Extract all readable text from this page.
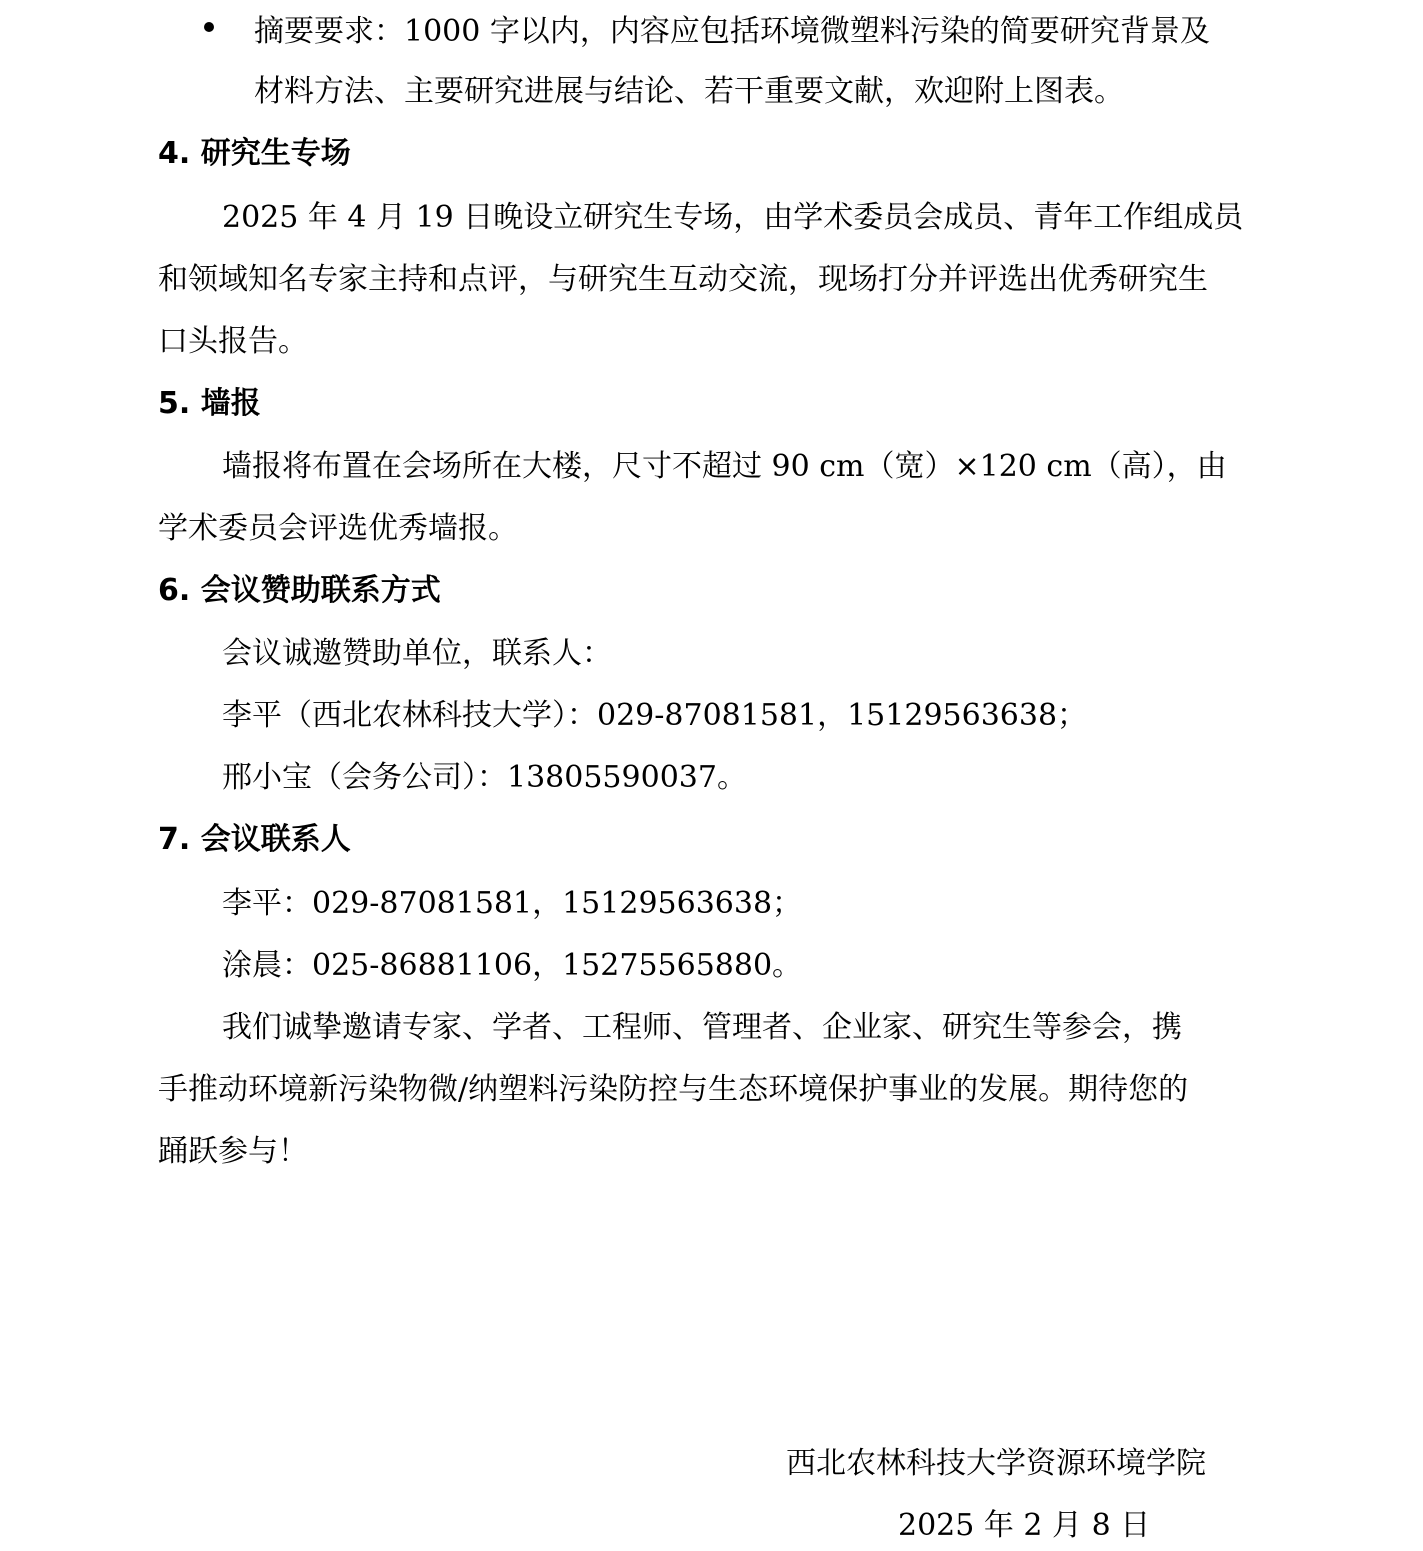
摘要要求：1000 字以内，内容应包括环境微塑料污染的简要研究背景及
材料方法、主要研究进展与结论、若干重要文献，欢迎附上图表。
4. 研究生专场
2025 年 4 月 19 日晚设立研究生专场，由学术委员会成员、青年工作组成员
和领域知名专家主持和点评，与研究生互动交流，现场打分并评选出优秀研究生
口头报告。
5. 墙报
墙报将布置在会场所在大楼，尺寸不超过 90 cm（宽）×120 cm（高），由
学术委员会评选优秀墙报。
6. 会议赞助联系方式
会议诚邀赞助单位，联系人：
李平（西北农林科技大学）：029-87081581，15129563638；
邢小宝（会务公司）：13805590037。
7. 会议联系人
李平：029-87081581，15129563638；
涂晨：025-86881106，15275565880。
我们诚挚邀请专家、学者、工程师、管理者、企业家、研究生等参会，携
手推动环境新污染物微/纳塑料污染防控与生态环境保护事业的发展。期待您的
踊跃参与！
西北农林科技大学资源环境学院
2025 年 2 月 8 日
